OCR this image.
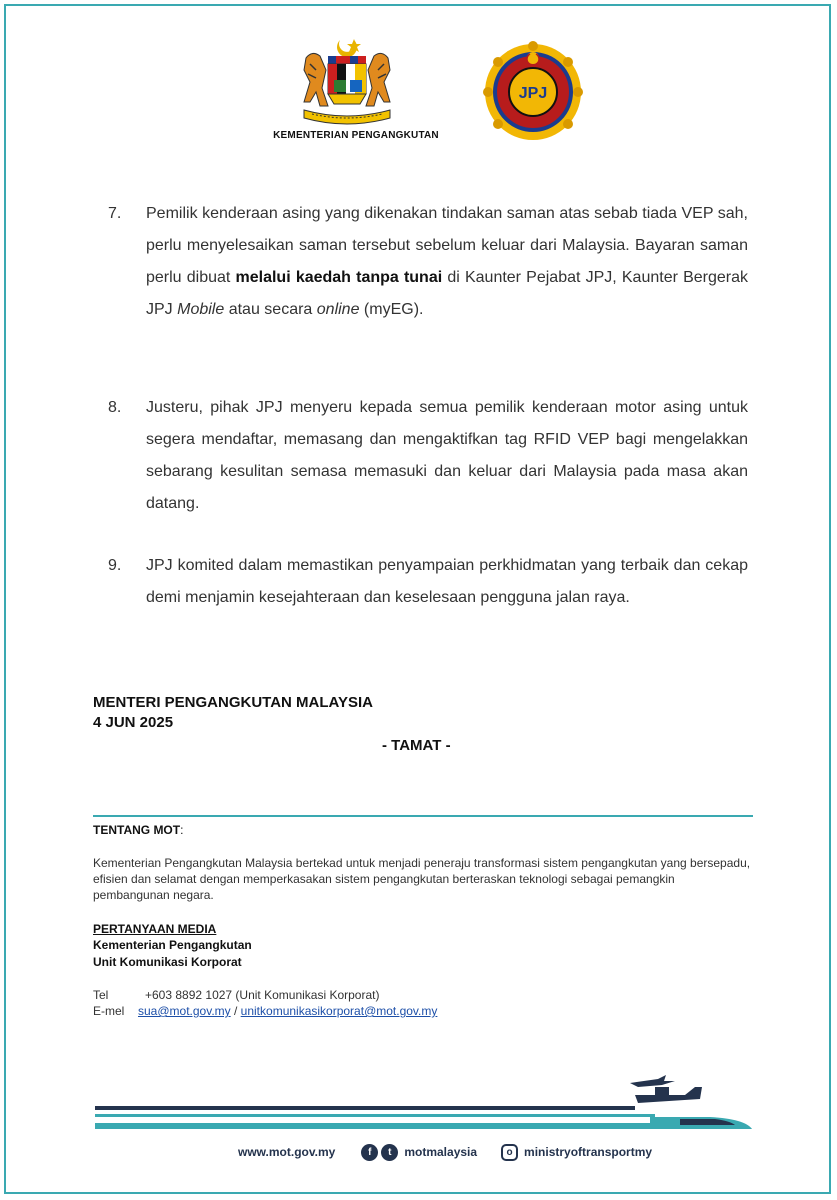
KEMENTERIAN PENGANGKUTAN
JPJ
7.	Pemilik kenderaan asing yang dikenakan tindakan saman atas sebab tiada VEP sah, perlu menyelesaikan saman tersebut sebelum keluar dari Malaysia. Bayaran saman perlu dibuat melalui kaedah tanpa tunai di Kaunter Pejabat JPJ, Kaunter Bergerak JPJ Mobile atau secara online (myEG).
8.	Justeru, pihak JPJ menyeru kepada semua pemilik kenderaan motor asing untuk segera mendaftar, memasang dan mengaktifkan tag RFID VEP bagi mengelakkan sebarang kesulitan semasa memasuki dan keluar dari Malaysia pada masa akan datang.
9.	JPJ komited dalam memastikan penyampaian perkhidmatan yang terbaik dan cekap demi menjamin kesejahteraan dan keselesaan pengguna jalan raya.
MENTERI PENGANGKUTAN MALAYSIA
4 JUN 2025
- TAMAT -
TENTANG MOT:
Kementerian Pengangkutan Malaysia bertekad untuk menjadi peneraju transformasi sistem pengangkutan yang bersepadu, efisien dan selamat dengan memperkasakan sistem pengangkutan berteraskan teknologi sebagai pemangkin pembangunan negara.
PERTANYAAN MEDIA
Kementerian Pengangkutan
Unit Komunikasi Korporat
Tel	+603 8892 1027 (Unit Komunikasi Korporat)
E-mel sua@mot.gov.my / unitkomunikasikorporat@mot.gov.my
www.mot.gov.my	f	t	motmalaysia	o ministryoftransportmy
